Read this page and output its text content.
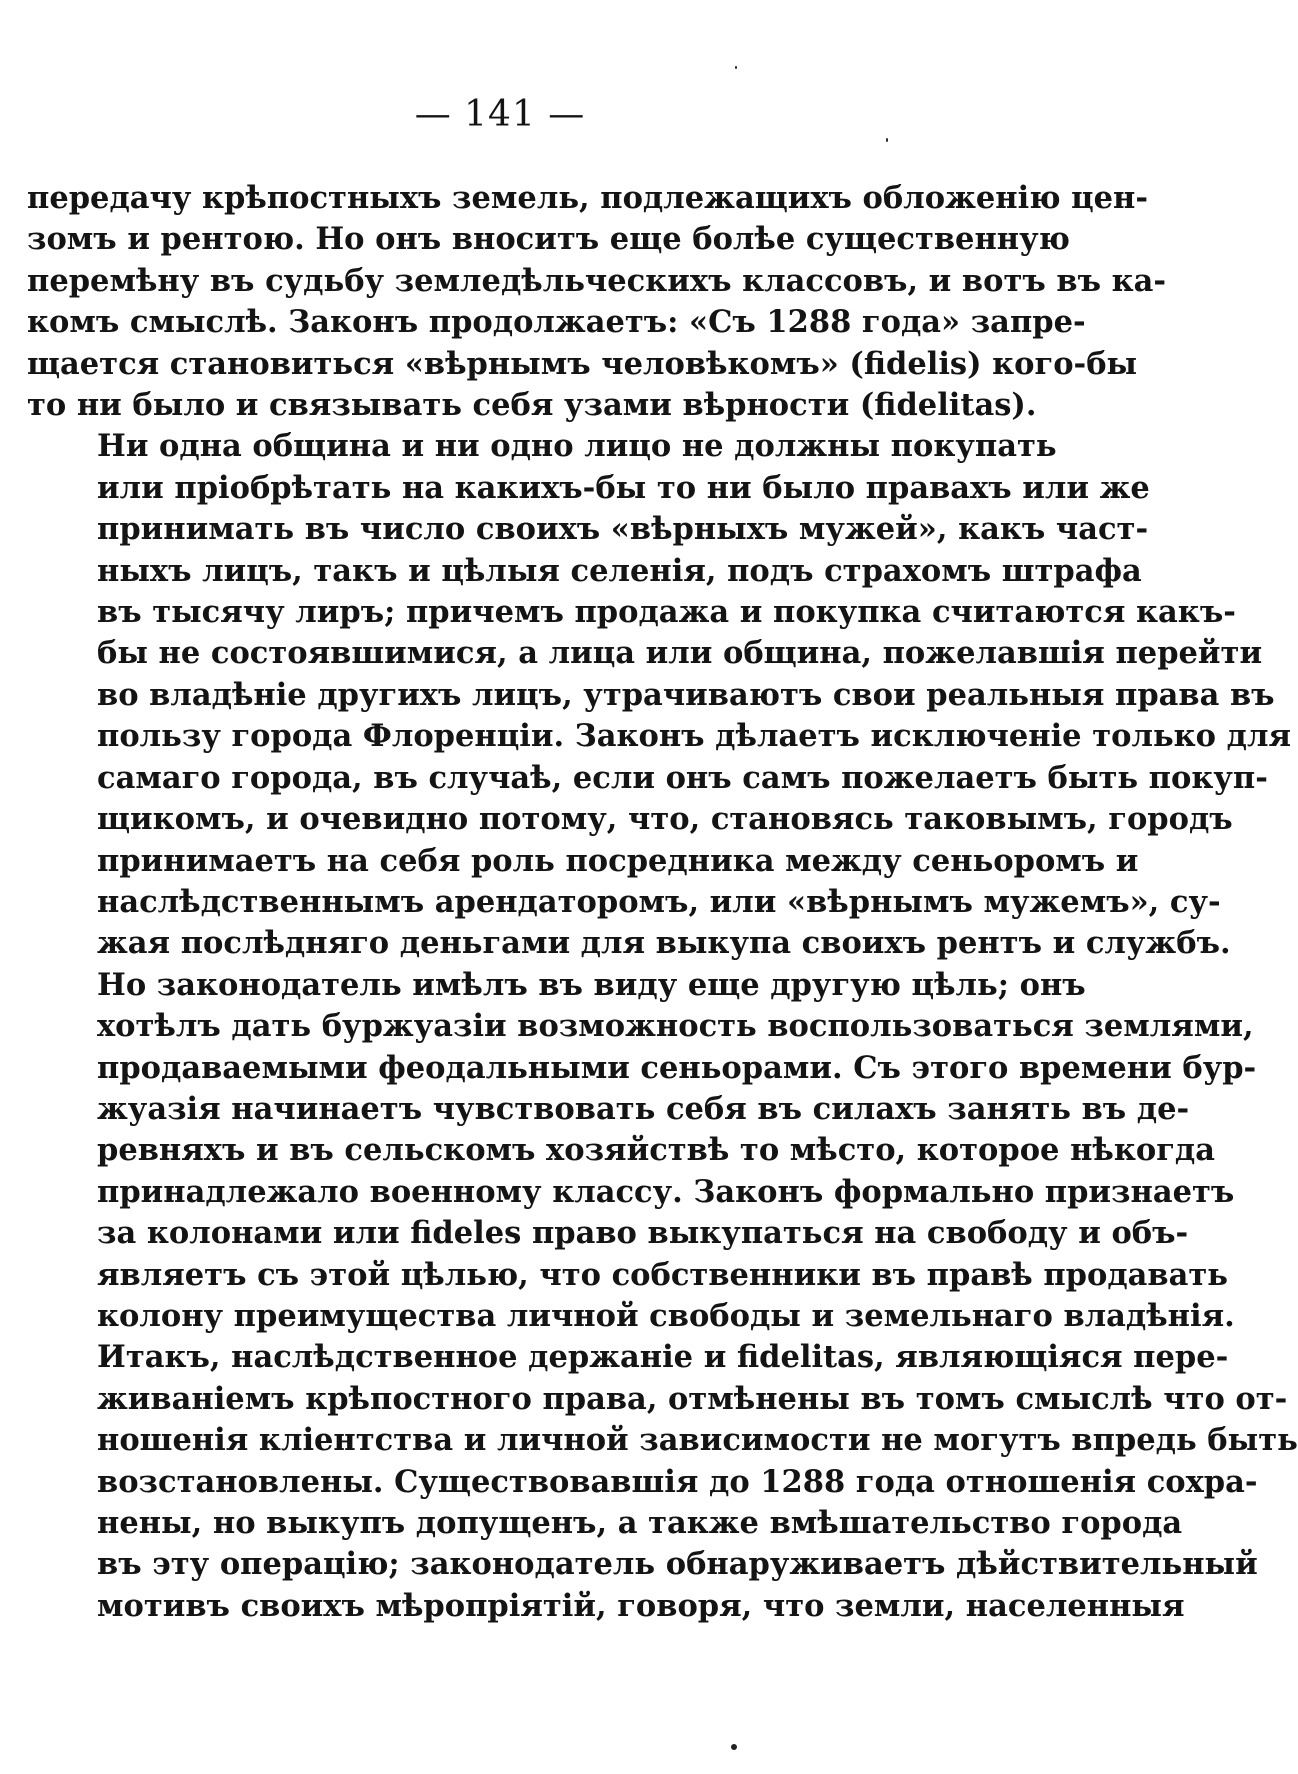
— 141 —

передачу крѣпостныхъ земель, подлежащихъ обложенію цен-
зомъ и рентою. Но онъ вноситъ еще болѣе существенную
перемѣну въ судьбу земледѣльческихъ классовъ, и вотъ въ ка-
комъ смыслѣ. Законъ продолжаетъ: «Съ 1288 года» запре-
щается становиться «вѣрнымъ человѣкомъ» (fidelis) кого-бы
то ни было и связывать себя узами вѣрности (fidelitas).

Ни одна община и ни одно лицо не должны покупать
или пріобрѣтать на какихъ-бы то ни было правахъ или же
принимать въ число своихъ «вѣрныхъ мужей», какъ част-
ныхъ лицъ, такъ и цѣлыя селенія, подъ страхомъ штрафа
въ тысячу лиръ; причемъ продажа и покупка считаются какъ-
бы не состоявшимися, а лица или община, пожелавшія перейти
во владѣніе другихъ лицъ, утрачиваютъ свои реальныя права въ
пользу города Флоренціи. Законъ дѣлаетъ исключеніе только для
самаго города, въ случаѣ, если онъ самъ пожелаетъ быть покуп-
щикомъ, и очевидно потому, что, становясь таковымъ, городъ
принимаетъ на себя роль посредника между сеньоромъ и
наслѣдственнымъ арендаторомъ, или «вѣрнымъ мужемъ», су-
жая послѣдняго деньгами для выкупа своихъ рентъ и службъ.

Но законодатель имѣлъ въ виду еще другую цѣль; онъ
хотѣлъ дать буржуазіи возможность воспользоваться землями,
продаваемыми феодальными сеньорами. Съ этого времени бур-
жуазія начинаетъ чувствовать себя въ силахъ занять въ де-
ревняхъ и въ сельскомъ хозяйствѣ то мѣсто, которое нѣкогда
принадлежало военному классу. Законъ формально признаетъ
за колонами или fideles право выкупаться на свободу и объ-
являетъ съ этой цѣлью, что собственники въ правѣ продавать
колону преимущества личной свободы и земельнаго владѣнія.

Итакъ, наслѣдственное держаніе и fidelitas, являющіяся пере-
живаніемъ крѣпостного права, отмѣнены въ томъ смыслѣ что от-
ношенія кліентства и личной зависимости не могутъ впредь быть
возстановлены. Существовавшія до 1288 года отношенія сохра-
нены, но выкупъ допущенъ, а также вмѣшательство города
въ эту операцію; законодатель обнаруживаетъ дѣйствительный
мотивъ своихъ мѣропріятій, говоря, что земли, населенныя
